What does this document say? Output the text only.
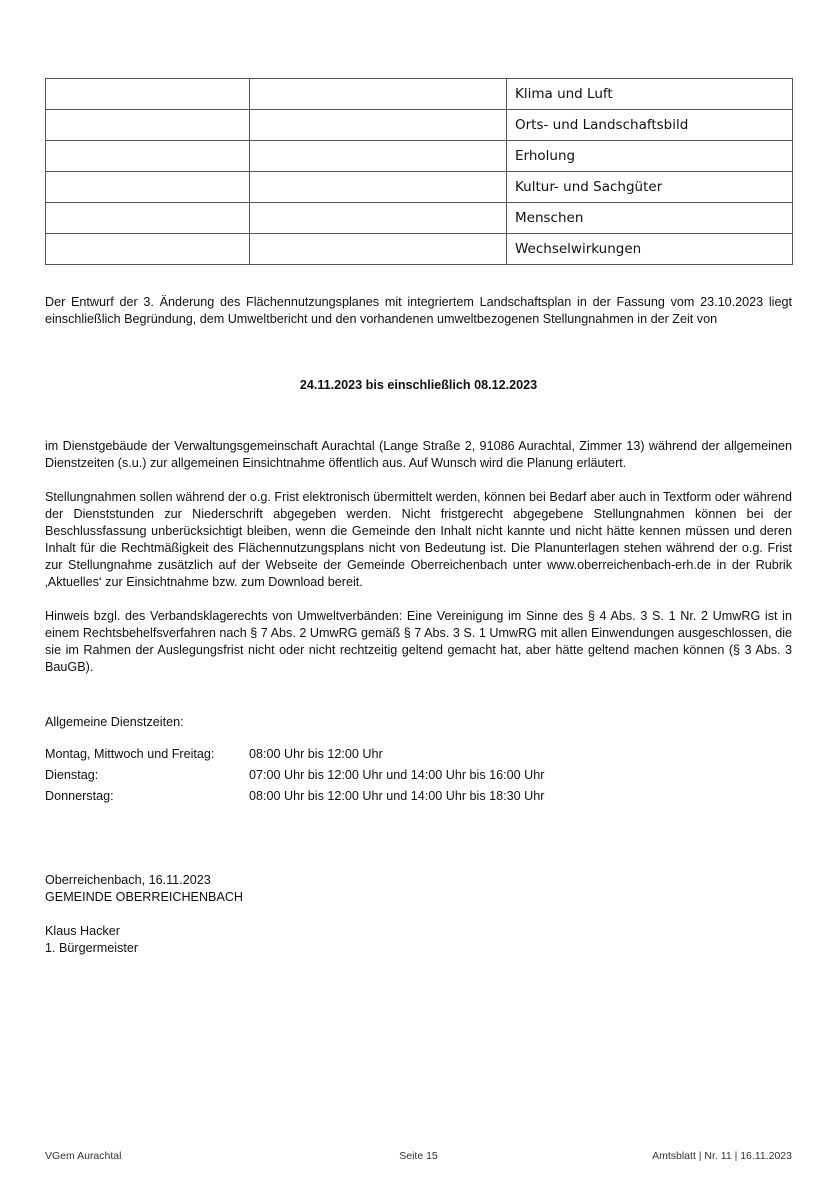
		Klima und Luft
		Orts- und Landschaftsbild
		Erholung
		Kultur- und Sachgüter
		Menschen
		Wechselwirkungen

Der Entwurf der 3. Änderung des Flächennutzungsplanes mit integriertem Landschaftsplan in der Fassung vom 23.10.2023 liegt einschließlich Begründung, dem Umweltbericht und den vorhandenen umweltbezogenen Stellungnahmen in der Zeit von

24.11.2023 bis einschließlich 08.12.2023

im Dienstgebäude der Verwaltungsgemeinschaft Aurachtal (Lange Straße 2, 91086 Aurachtal, Zimmer 13) während der allgemeinen Dienstzeiten (s.u.) zur allgemeinen Einsichtnahme öffentlich aus. Auf Wunsch wird die Planung erläutert.

Stellungnahmen sollen während der o.g. Frist elektronisch übermittelt werden, können bei Bedarf aber auch in Textform oder während der Dienststunden zur Niederschrift abgegeben werden. Nicht fristgerecht abgegebene Stellungnahmen können bei der Beschlussfassung unberücksichtigt bleiben, wenn die Gemeinde den Inhalt nicht kannte und nicht hätte kennen müssen und deren Inhalt für die Rechtmäßigkeit des Flächennutzungsplans nicht von Bedeutung ist. Die Planunterlagen stehen während der o.g. Frist zur Stellungnahme zusätzlich auf der Webseite der Gemeinde Oberreichenbach unter www.oberreichenbach-erh.de in der Rubrik ‚Aktuelles‘ zur Einsichtnahme bzw. zum Download bereit.

Hinweis bzgl. des Verbandsklagerechts von Umweltverbänden: Eine Vereinigung im Sinne des § 4 Abs. 3 S. 1 Nr. 2 UmwRG ist in einem Rechtsbehelfsverfahren nach § 7 Abs. 2 UmwRG gemäß § 7 Abs. 3 S. 1 UmwRG mit allen Einwendungen ausgeschlossen, die sie im Rahmen der Auslegungsfrist nicht oder nicht rechtzeitig geltend gemacht hat, aber hätte geltend machen können (§ 3 Abs. 3 BauGB).

Allgemeine Dienstzeiten:

Montag, Mittwoch und Freitag:	08:00 Uhr bis 12:00 Uhr
Dienstag:	07:00 Uhr bis 12:00 Uhr und 14:00 Uhr bis 16:00 Uhr
Donnerstag:	08:00 Uhr bis 12:00 Uhr und 14:00 Uhr bis 18:30 Uhr

Oberreichenbach, 16.11.2023

GEMEINDE OBERREICHENBACH

Klaus Hacker

1. Bürgermeister

VGem Aurachtal	Seite 15	Amtsblatt | Nr. 11 | 16.11.2023
